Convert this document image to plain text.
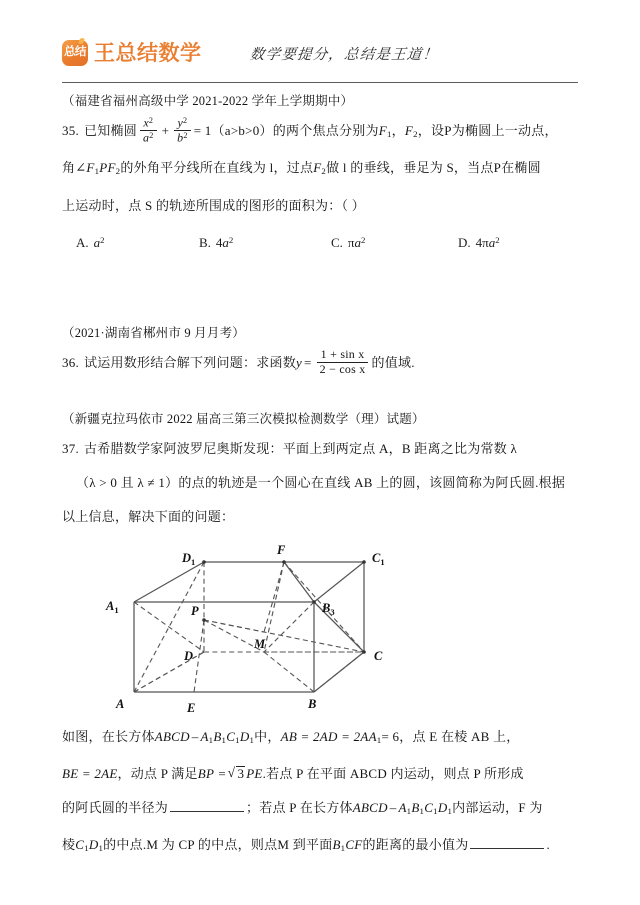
总结 王总结数学	数学要提分，总结是王道！

（福建省福州高级中学 2021-2022 学年上学期期中）

35. 已知椭圆 $\frac{x^2}{a^2} + \frac{y^2}{b^2} = 1(a>b>0)$的两个焦点分别为$F_1$，$F_2$，设P为椭圆上一动点，
角$\angle F_1PF_2$的外角平分线所在直线为 l，过点$F_2$做 l 的垂线，垂足为 S，当点P在椭圆
上运动时，点 S 的轨迹所围成的图形的面积为：（ ）
A. $a^2$	B. $4a^2$	C. $\pi a^2$	D. $4\pi a^2$

（2021·湖南省郴州市 9 月月考）

36. 试运用数形结合解下列问题：求函数$y = \frac{\text{1 + sin x}}{\text{2 − cos x}}$ 的值域.

（新疆克拉玛依市 2022 届高三第三次模拟检测数学（理）试题）

37. 古希腊数学家阿波罗尼奥斯发现：平面上到两定点 A，B 距离之比为常数 λ
（λ > 0 且 λ ≠ 1）的点的轨迹是一个圆心在直线 AB 上的圆，该圆简称为阿氏圆.根据
以上信息，解决下面的问题：
$D_1$
F
$C_1$
$A_1$	$B_3$
P
D
M
C
A	E	B
如图，在长方体ABCD – $A_1B_1C_1D_1$中，AB = $2AD = 2AA_1= 6$，点 E 在棱 AB 上，
BE = 2AE，动点 P 满足BP = √ 3 PE.若点 P 在平面 ABCD 内运动，则点 P 所形成
的阿氏圆的半径为	；若点 P 在长方体ABCD – $A_1B_1C_1D_1$内部运动，F 为
棱$C_1D_1$的中点.M 为 CP 的中点，则点M 到平面$B_1CF$的距离的最小值为	.
